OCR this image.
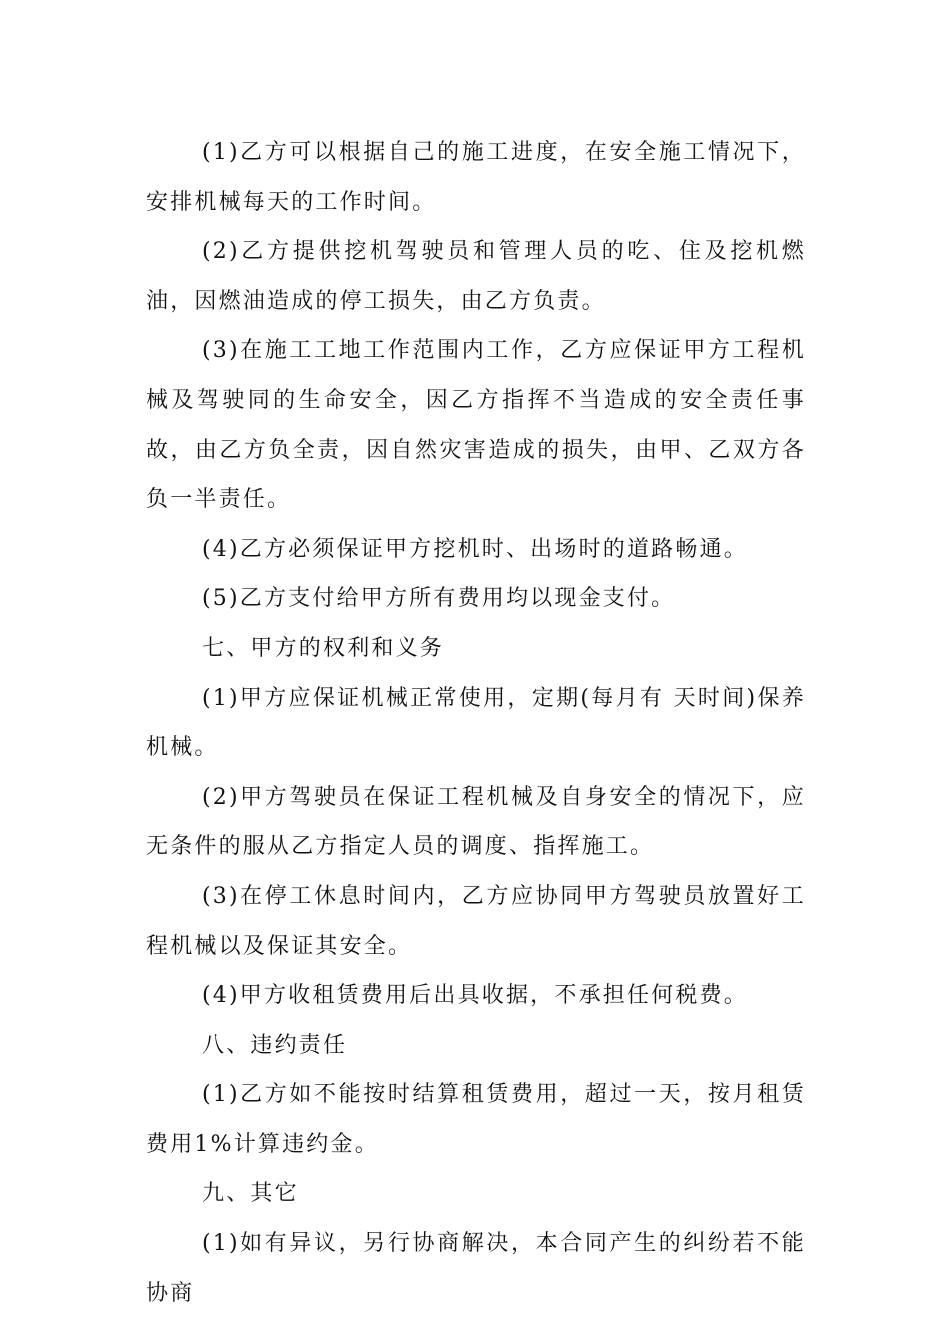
(1)乙方可以根据自己的施工进度，在安全施工情况下，安排机械每天的工作时间。

(2)乙方提供挖机驾驶员和管理人员的吃、住及挖机燃油，因燃油造成的停工损失，由乙方负责。

(3)在施工工地工作范围内工作，乙方应保证甲方工程机械及驾驶同的生命安全，因乙方指挥不当造成的安全责任事故，由乙方负全责，因自然灾害造成的损失，由甲、乙双方各负一半责任。

(4)乙方必须保证甲方挖机时、出场时的道路畅通。

(5)乙方支付给甲方所有费用均以现金支付。

七、甲方的权利和义务

(1)甲方应保证机械正常使用，定期(每月有 天时间)保养机械。

(2)甲方驾驶员在保证工程机械及自身安全的情况下，应无条件的服从乙方指定人员的调度、指挥施工。

(3)在停工休息时间内，乙方应协同甲方驾驶员放置好工程机械以及保证其安全。

(4)甲方收租赁费用后出具收据，不承担任何税费。

八、违约责任

(1)乙方如不能按时结算租赁费用，超过一天，按月租赁费用1%计算违约金。

九、其它

(1)如有异议，另行协商解决，本合同产生的纠纷若不能协商
